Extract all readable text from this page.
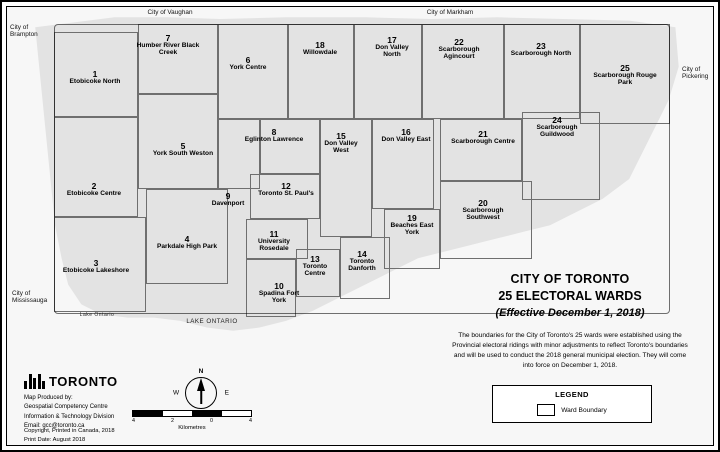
1
Etobicoke North
2
Etobicoke Centre
3
Etobicoke Lakeshore
4
Parkdale High Park
5
York South Weston
6
York Centre
7
Humber River Black Creek
8
Eglinton Lawrence
9
Davenport
10
Spadina Fort York
11
University Rosedale
12
Toronto St. Paul's
13
Toronto Centre
14
Toronto Danforth
15
Don Valley West
16
Don Valley East
17
Don Valley North
18
Willowdale
19
Beaches East York
20
Scarborough Southwest
21
Scarborough Centre
22
Scarborough Agincourt
23
Scarborough North
24
Scarborough Guildwood
25
Scarborough Rouge Park
City of Vaughan	City of Markham
City of Brampton
City of Pickering
City of Mississauga
LAKE ONTARIO
Lake Ontario
CITY OF TORONTO
25 ELECTORAL WARDS
(Effective December 1, 2018)
The boundaries for the City of Toronto's 25 wards were established using the Provincial electoral ridings with minor adjustments to reflect Toronto's boundaries and will be used to conduct the 2018 general municipal election. They will come into force on December 1, 2018.
LEGEND
Ward Boundary
TORONTO
Map Produced by:
Geospatial Competency Centre
Information & Technology Division
Email: gcc@toronto.ca
Copyright, Printed in Canada, 2018
Print Date: August 2018
N
W	E
4	2	0	4
Kilometres
